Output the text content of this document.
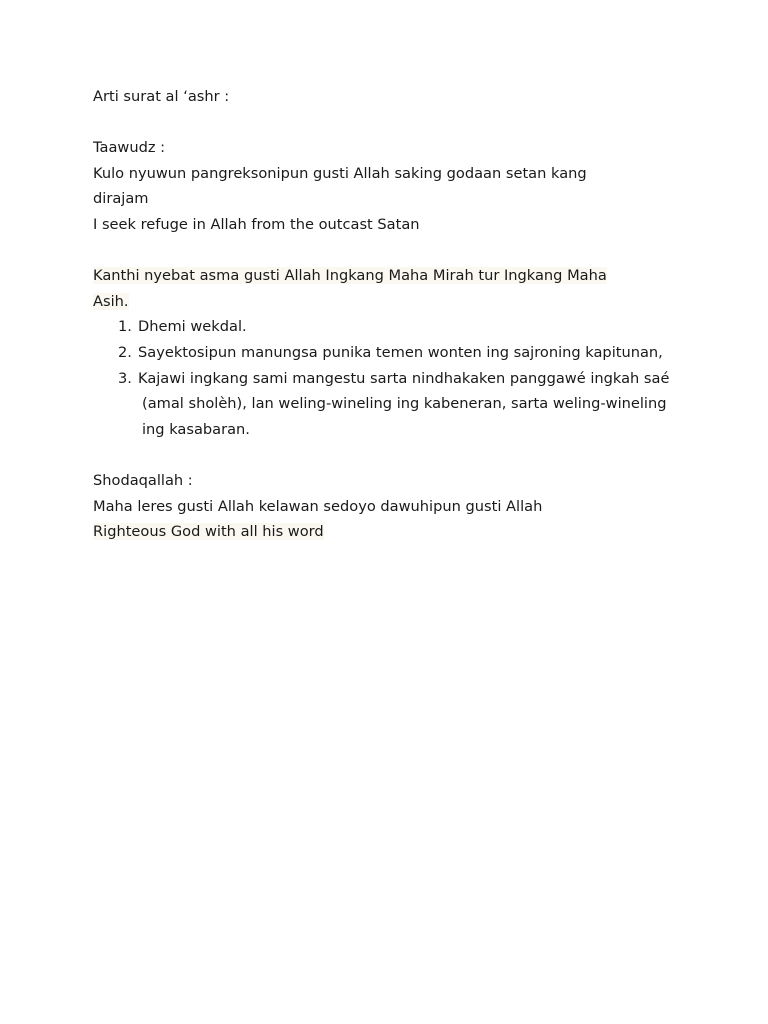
Arti surat al ‘ashr :

Taawudz :

Kulo nyuwun pangreksonipun gusti Allah saking godaan setan kang

dirajam

I seek refuge in Allah from the outcast Satan

Kanthi nyebat asma gusti Allah Ingkang Maha Mirah tur Ingkang Maha

Asih.

1. Dhemi wekdal.
2. Sayektosipun manungsa punika temen wonten ing sajroning kapitunan,
3. Kajawi ingkang sami mangestu sarta nindhakaken panggawé ingkah saé (amal sholèh), lan weling-wineling ing kabeneran, sarta weling-wineling ing kasabaran.

Shodaqallah :

Maha leres gusti Allah kelawan sedoyo dawuhipun gusti Allah

Righteous God with all his word
